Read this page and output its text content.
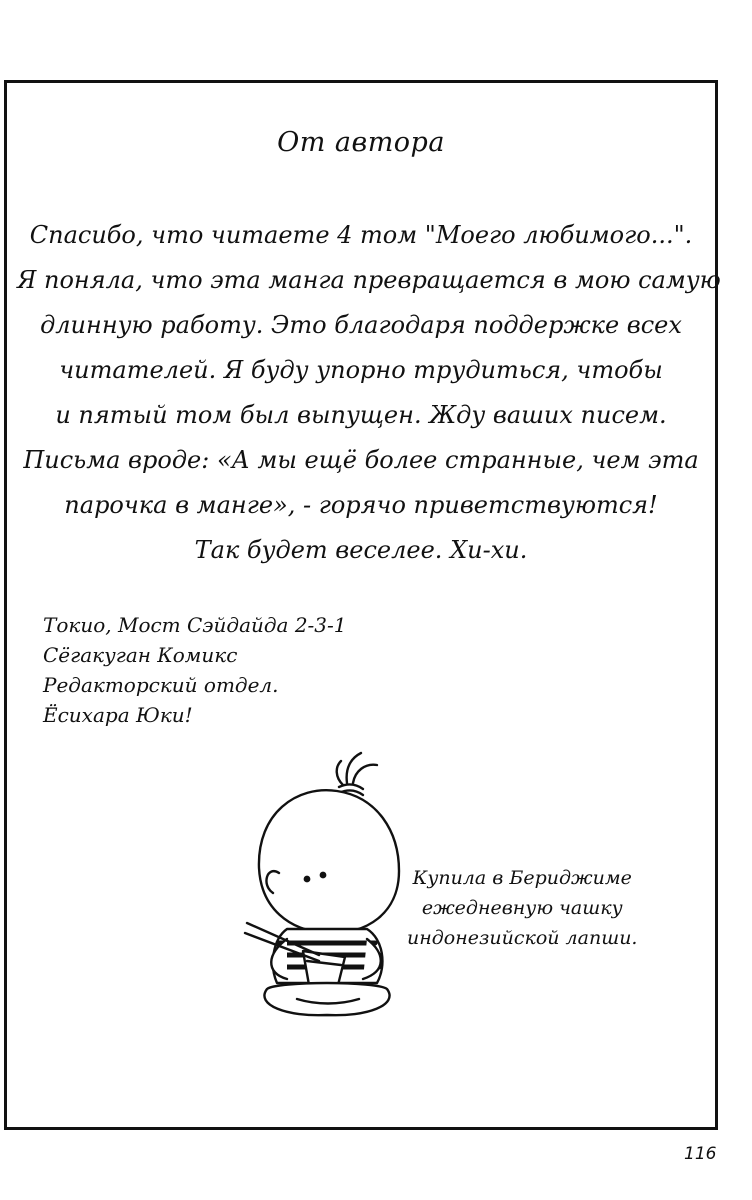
От автора
Спасибо, что читаете 4 том "Моего любимого...".
Я поняла, что эта манга превращается в мою самую
длинную работу. Это благодаря поддержке всех
читателей. Я буду упорно трудиться, чтобы
и пятый том был выпущен. Жду ваших писем.
Письма вроде: «А мы ещё более странные, чем эта
парочка в манге», - горячо приветствуются!
Так будет веселее. Хи-хи.
Токио, Мост Сэйдайда 2-3-1
Сёгакуган Комикс
Редакторский отдел.
Ёсихара Юки!
Купила в Бериджиме
ежедневную чашку
индонезийской лапши.
116
